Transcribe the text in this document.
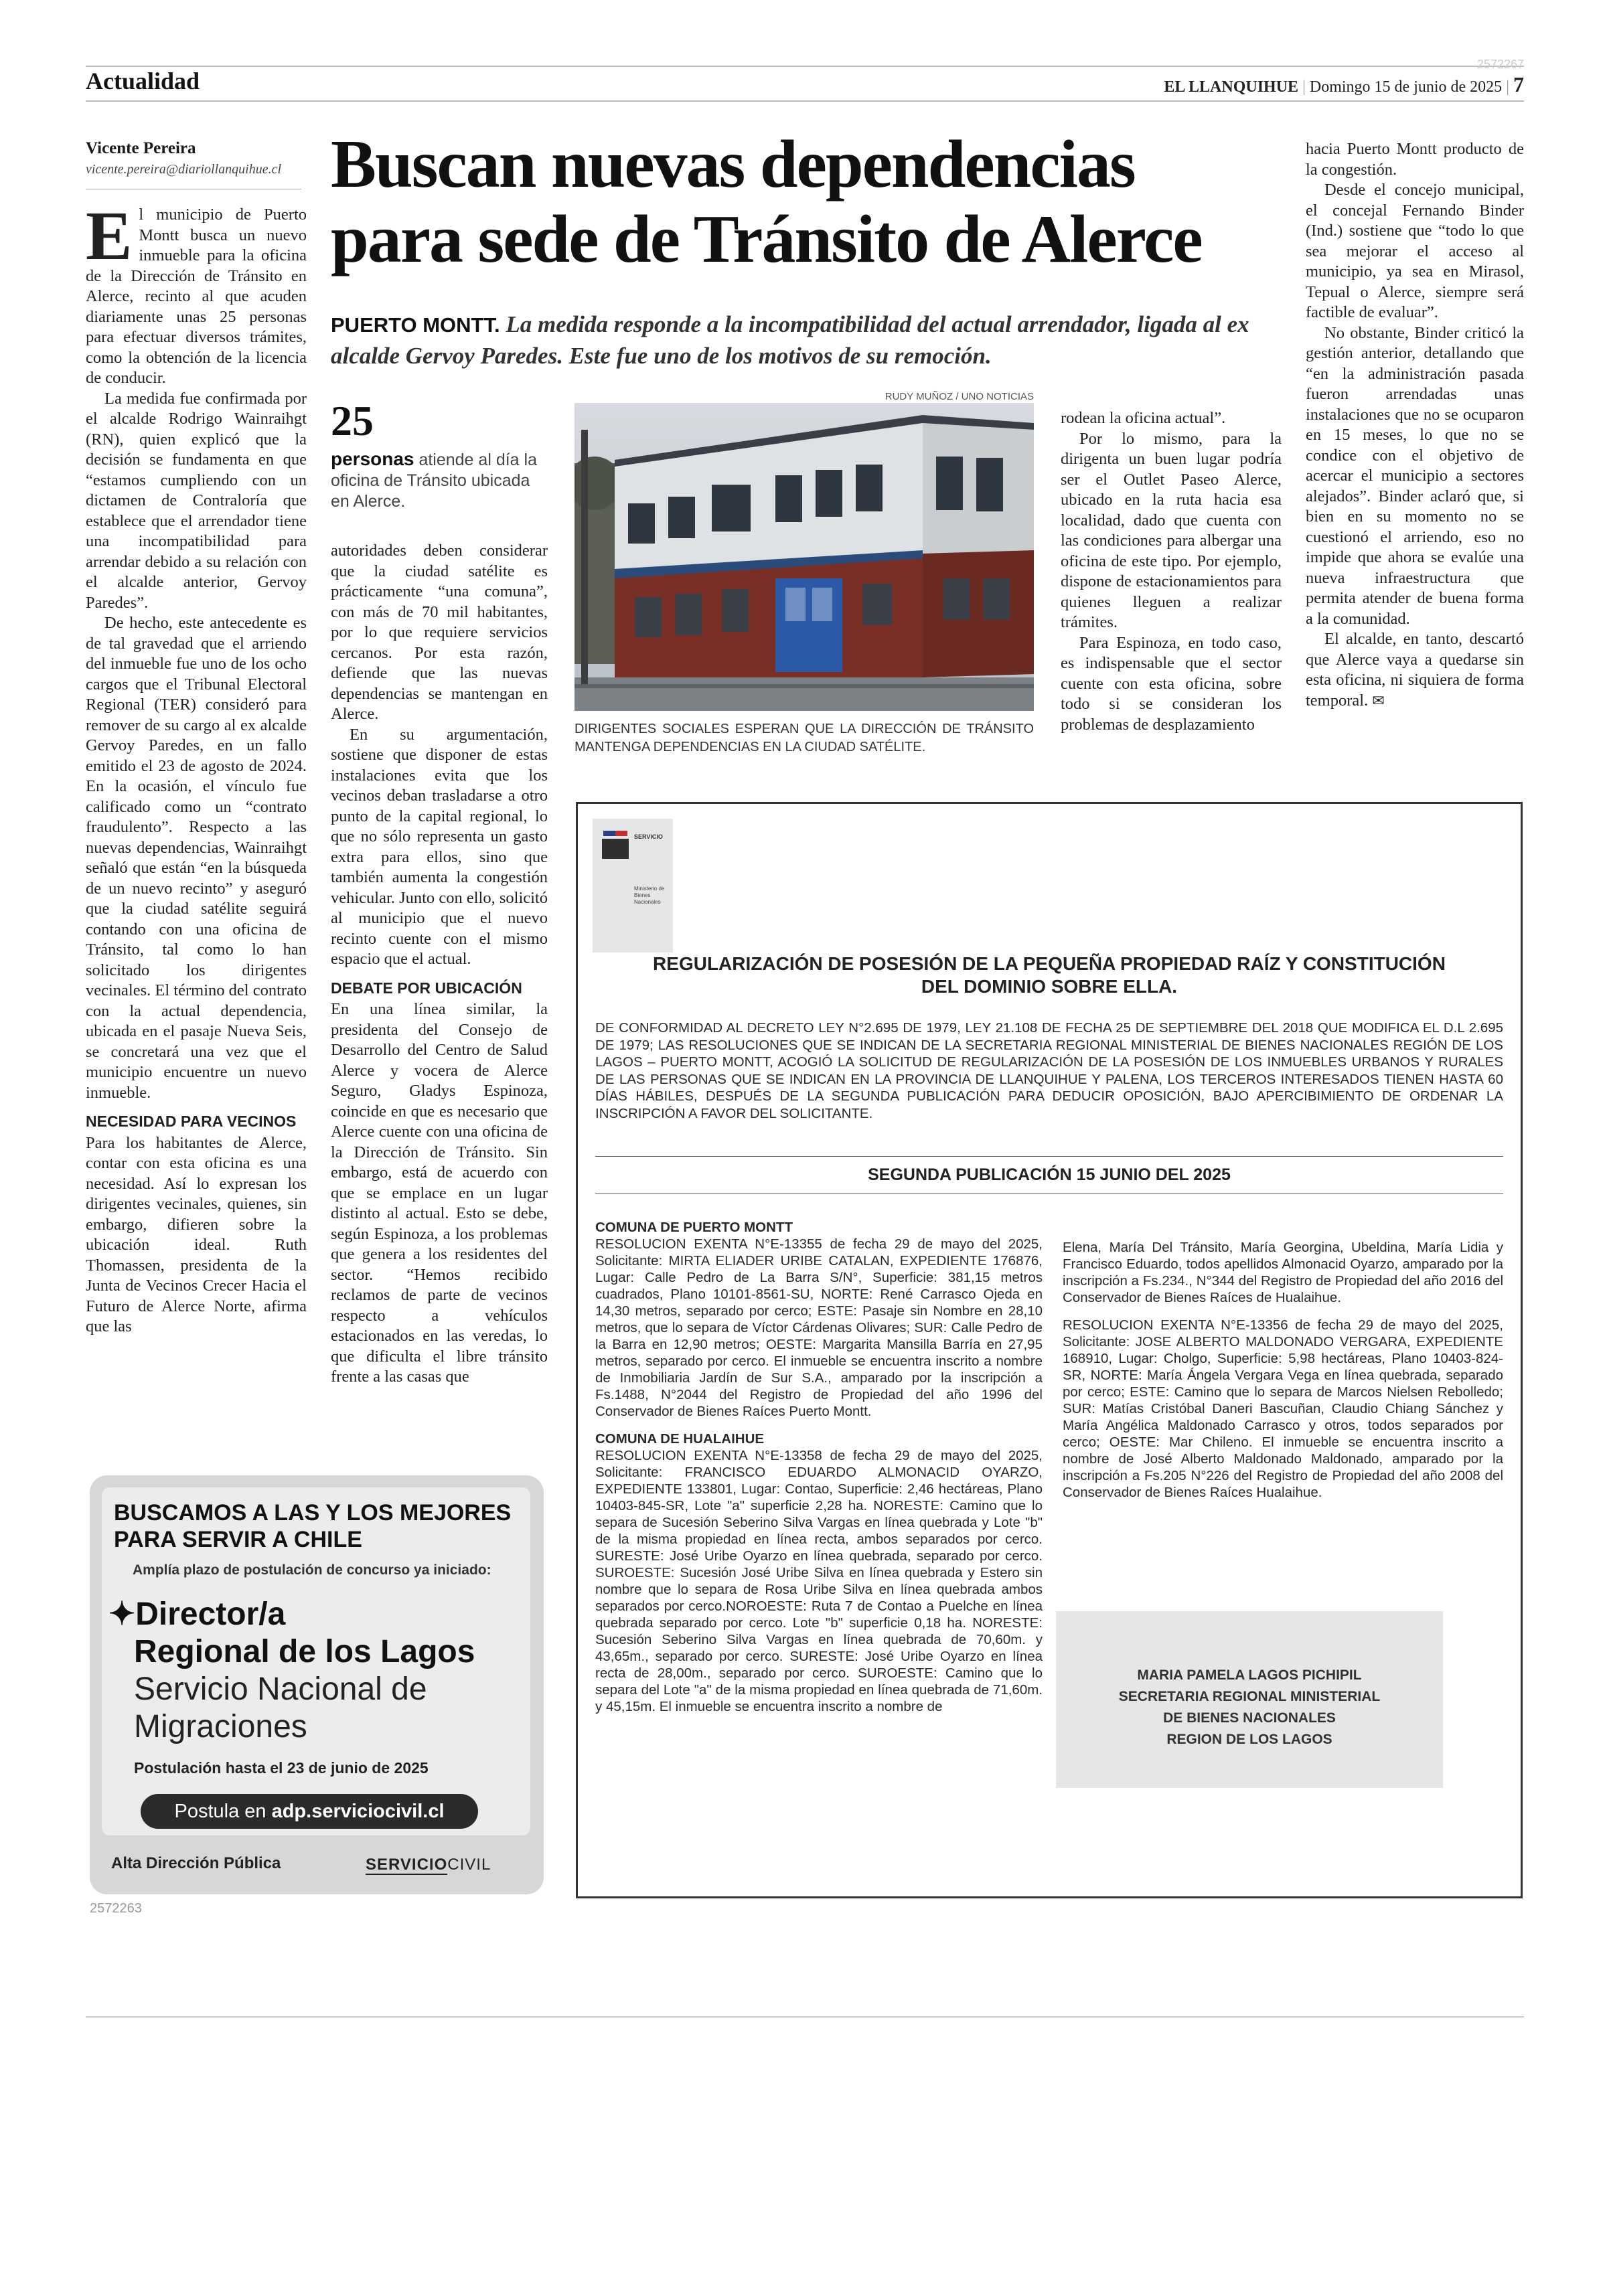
Actualidad	EL LLANQUIHUE | Domingo 15 de junio de 2025 | 7
2572267
Vicente Pereira
vicente.pereira@diariollanquihue.cl Buscan nuevas dependencias
para sede de Tránsito de Alerce
PUERTO MONTT. La medida responde a la incompatibilidad del actual arrendador, ligada al ex alcalde Gervoy Paredes. Este fue uno de los motivos de su remoción.

El municipio de Puerto Montt busca un nuevo inmueble para la oficina de la Dirección de Tránsito en Alerce, recinto al que acuden diariamente unas 25 personas para efectuar diversos trámites, como la obtención de la licencia de conducir.

La medida fue confirmada por el alcalde Rodrigo Wainraihgt (RN), quien explicó que la decisión se fundamenta en que “estamos cumpliendo con un dictamen de Contraloría que establece que el arrendador tiene una incompatibilidad para arrendar debido a su relación con el alcalde anterior, Gervoy Paredes”.

De hecho, este antecedente es de tal gravedad que el arriendo del inmueble fue uno de los ocho cargos que el Tribunal Electoral Regional (TER) consideró para remover de su cargo al ex alcalde Gervoy Paredes, en un fallo emitido el 23 de agosto de 2024. En la ocasión, el vínculo fue calificado como un “contrato fraudulento”. Respecto a las nuevas dependencias, Wainraihgt señaló que están “en la búsqueda de un nuevo recinto” y aseguró que la ciudad satélite seguirá contando con una oficina de Tránsito, tal como lo han solicitado los dirigentes vecinales. El término del contrato con la actual dependencia, ubicada en el pasaje Nueva Seis, se concretará una vez que el municipio encuentre un nuevo inmueble.

NECESIDAD PARA VECINOS

Para los habitantes de Alerce, contar con esta oficina es una necesidad. Así lo expresan los dirigentes vecinales, quienes, sin embargo, difieren sobre la ubicación ideal. Ruth Thomassen, presidenta de la Junta de Vecinos Crecer Hacia el Futuro de Alerce Norte, afirma que las

25
personas atiende al día la oficina de Tránsito ubicada en Alerce.

autoridades deben considerar que la ciudad satélite es prácticamente “una comuna”, con más de 70 mil habitantes, por lo que requiere servicios cercanos. Por esta razón, defiende que las nuevas dependencias se mantengan en Alerce.

En su argumentación, sostiene que disponer de estas instalaciones evita que los vecinos deban trasladarse a otro punto de la capital regional, lo que no sólo representa un gasto extra para ellos, sino que también aumenta la congestión vehicular. Junto con ello, solicitó al municipio que el nuevo recinto cuente con el mismo espacio que el actual.

DEBATE POR UBICACIÓN

En una línea similar, la presidenta del Consejo de Desarrollo del Centro de Salud Alerce y vocera de Alerce Seguro, Gladys Espinoza, coincide en que es necesario que Alerce cuente con una oficina de la Dirección de Tránsito. Sin embargo, está de acuerdo con que se emplace en un lugar distinto al actual. Esto se debe, según Espinoza, a los problemas que genera a los residentes del sector. “Hemos recibido reclamos de parte de vecinos respecto a vehículos estacionados en las veredas, lo que dificulta el libre tránsito frente a las casas que

RUDY MUÑOZ / UNO NOTICIAS
DIRIGENTES SOCIALES ESPERAN QUE LA DIRECCIÓN DE TRÁNSITO MANTENGA DEPENDENCIAS EN LA CIUDAD SATÉLITE.

rodean la oficina actual”.

Por lo mismo, para la dirigenta un buen lugar podría ser el Outlet Paseo Alerce, ubicado en la ruta hacia esa localidad, dado que cuenta con las condiciones para albergar una oficina de este tipo. Por ejemplo, dispone de estacionamientos para quienes lleguen a realizar trámites.

Para Espinoza, en todo caso, es indispensable que el sector cuente con esta oficina, sobre todo si se consideran los problemas de desplazamiento

hacia Puerto Montt producto de la congestión.

Desde el concejo municipal, el concejal Fernando Binder (Ind.) sostiene que “todo lo que sea mejorar el acceso al municipio, ya sea en Mirasol, Tepual o Alerce, siempre será factible de evaluar”.

No obstante, Binder criticó la gestión anterior, detallando que “en la administración pasada fueron arrendadas unas instalaciones que no se ocuparon en 15 meses, lo que no se condice con el objetivo de acercar el municipio a sectores alejados”. Binder aclaró que, si bien en su momento no se cuestionó el arriendo, eso no impide que ahora se evalúe una nueva infraestructura que permita atender de buena forma a la comunidad.

El alcalde, en tanto, descartó que Alerce vaya a quedarse sin esta oficina, ni siquiera de forma temporal. ✉

BUSCAMOS A LAS Y LOS MEJORES PARA SERVIR A CHILE
Amplía plazo de postulación de concurso ya iniciado:
✦Director/a
Regional de los Lagos
Servicio Nacional de
Migraciones
Postulación hasta el 23 de junio de 2025
Postula en adp.serviciocivil.cl
Alta Dirección Pública	SERVICIOCIVIL
2572263
SERVICIO
Ministerio de
Bienes
Nacionales
REGULARIZACIÓN DE POSESIÓN DE LA PEQUEÑA PROPIEDAD RAÍZ Y CONSTITUCIÓN
DEL DOMINIO SOBRE ELLA.
DE CONFORMIDAD AL DECRETO LEY N°2.695 DE 1979, LEY 21.108 DE FECHA 25 DE SEPTIEMBRE DEL 2018 QUE MODIFICA EL D.L 2.695 DE 1979; LAS RESOLUCIONES QUE SE INDICAN DE LA SECRETARIA REGIONAL MINISTERIAL DE BIENES NACIONALES REGIÓN DE LOS LAGOS – PUERTO MONTT, ACOGIÓ LA SOLICITUD DE REGULARIZACIÓN DE LA POSESIÓN DE LOS INMUEBLES URBANOS Y RURALES DE LAS PERSONAS QUE SE INDICAN EN LA PROVINCIA DE LLANQUIHUE Y PALENA, LOS TERCEROS INTERESADOS TIENEN HASTA 60 DÍAS HÁBILES, DESPUÉS DE LA SEGUNDA PUBLICACIÓN PARA DEDUCIR OPOSICIÓN, BAJO APERCIBIMIENTO DE ORDENAR LA INSCRIPCIÓN A FAVOR DEL SOLICITANTE.
SEGUNDA PUBLICACIÓN 15 JUNIO DEL 2025

COMUNA DE PUERTO MONTT
RESOLUCION EXENTA N°E-13355 de fecha 29 de mayo del 2025, Solicitante: MIRTA ELIADER URIBE CATALAN, EXPEDIENTE 176876, Lugar: Calle Pedro de La Barra S/N°, Superficie: 381,15 metros cuadrados, Plano 10101-8561-SU, NORTE: René Carrasco Ojeda en 14,30 metros, separado por cerco; ESTE: Pasaje sin Nombre en 28,10 metros, que lo separa de Víctor Cárdenas Olivares; SUR: Calle Pedro de la Barra en 12,90 metros; OESTE: Margarita Mansilla Barría en 27,95 metros, separado por cerco. El inmueble se encuentra inscrito a nombre de Inmobiliaria Jardín de Sur S.A., amparado por la inscripción a Fs.1488, N°2044 del Registro de Propiedad del año 1996 del Conservador de Bienes Raíces Puerto Montt.

COMUNA DE HUALAIHUE
RESOLUCION EXENTA N°E-13358 de fecha 29 de mayo del 2025, Solicitante: FRANCISCO EDUARDO ALMONACID OYARZO, EXPEDIENTE 133801, Lugar: Contao, Superficie: 2,46 hectáreas, Plano 10403-845-SR, Lote "a" superficie 2,28 ha. NORESTE: Camino que lo separa de Sucesión Seberino Silva Vargas en línea quebrada y Lote "b" de la misma propiedad en línea recta, ambos separados por cerco. SURESTE: José Uribe Oyarzo en línea quebrada, separado por cerco. SUROESTE: Sucesión José Uribe Silva en línea quebrada y Estero sin nombre que lo separa de Rosa Uribe Silva en línea quebrada ambos separados por cerco.NOROESTE: Ruta 7 de Contao a Puelche en línea quebrada separado por cerco. Lote "b" superficie 0,18 ha. NORESTE: Sucesión Seberino Silva Vargas en línea quebrada de 70,60m. y 43,65m., separado por cerco. SURESTE: José Uribe Oyarzo en línea recta de 28,00m., separado por cerco. SUROESTE: Camino que lo separa del Lote "a" de la misma propiedad en línea quebrada de 71,60m. y 45,15m. El inmueble se encuentra inscrito a nombre de

Elena, María Del Tránsito, María Georgina, Ubeldina, María Lidia y Francisco Eduardo, todos apellidos Almonacid Oyarzo, amparado por la inscripción a Fs.234., N°344 del Registro de Propiedad del año 2016 del Conservador de Bienes Raíces de Hualaihue.

RESOLUCION EXENTA N°E-13356 de fecha 29 de mayo del 2025, Solicitante: JOSE ALBERTO MALDONADO VERGARA, EXPEDIENTE 168910, Lugar: Cholgo, Superficie: 5,98 hectáreas, Plano 10403-824-SR, NORTE: María Ángela Vergara Vega en línea quebrada, separado por cerco; ESTE: Camino que lo separa de Marcos Nielsen Rebolledo; SUR: Matías Cristóbal Daneri Bascuñan, Claudio Chiang Sánchez y María Angélica Maldonado Carrasco y otros, todos separados por cerco; OESTE: Mar Chileno. El inmueble se encuentra inscrito a nombre de José Alberto Maldonado Maldonado, amparado por la inscripción a Fs.205 N°226 del Registro de Propiedad del año 2008 del Conservador de Bienes Raíces Hualaihue.

MARIA PAMELA LAGOS PICHIPIL
SECRETARIA REGIONAL MINISTERIAL
DE BIENES NACIONALES
REGION DE LOS LAGOS
